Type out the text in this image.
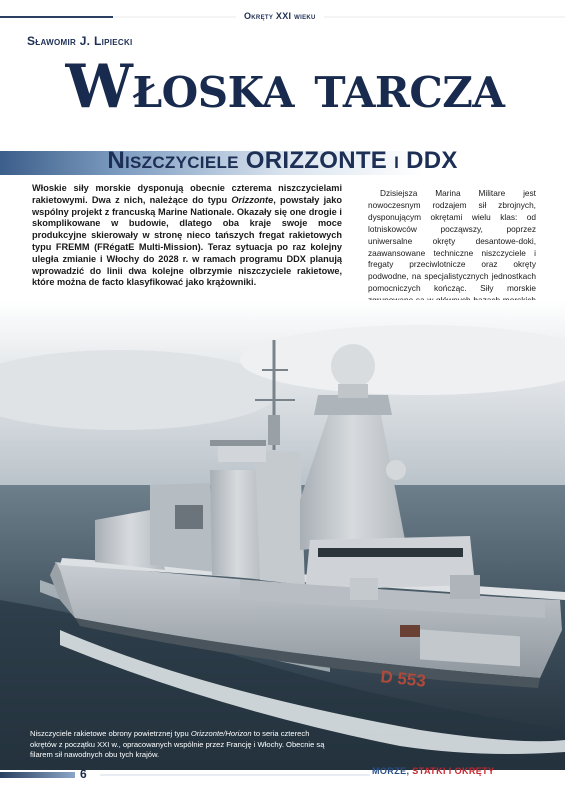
Okręty XXI wieku
Sławomir J. Lipiecki
Włoska tarcza
Niszczyciele ORIZZONTE i DDX
Włoskie siły morskie dysponują obecnie czterema niszczycielami rakietowymi. Dwa z nich, należące do typu Orizzonte, powstały jako wspólny projekt z francuską Marine Nationale. Okazały się one drogie i skomplikowane w budowie, dlatego oba kraje swoje moce produkcyjne skierowały w stronę nieco tańszych fregat rakietowych typu FREMM (FRégatE Multi-Mission). Teraz sytuacja po raz kolejny uległa zmianie i Włochy do 2028 r. w ramach programu DDX planują wprowadzić do linii dwa kolejne olbrzymie niszczyciele rakietowe, które można de facto klasyfikować jako krążowniki.
Dzisiejsza Marina Militare jest nowoczesnym rodzajem sił zbrojnych, dysponującym okrętami wielu klas: od lotniskowców począwszy, poprzez uniwersalne okręty desantowe-doki, zaawansowane techniczne niszczyciele i fregaty przeciwlotnicze oraz okręty podwodne, na specjalistycznych jednostkach pomocniczych kończąc. Siły morskie
D 553
Niszczyciele rakietowe obrony powietrznej typu Orizzonte/Horizon to seria czterech okrętów z początku XXI w., opracowanych wspólnie przez Francję i Włochy. Obecnie są filarem sił nawodnych obu tych krajów.
6	MORZE, STATKI I OKRĘTY
